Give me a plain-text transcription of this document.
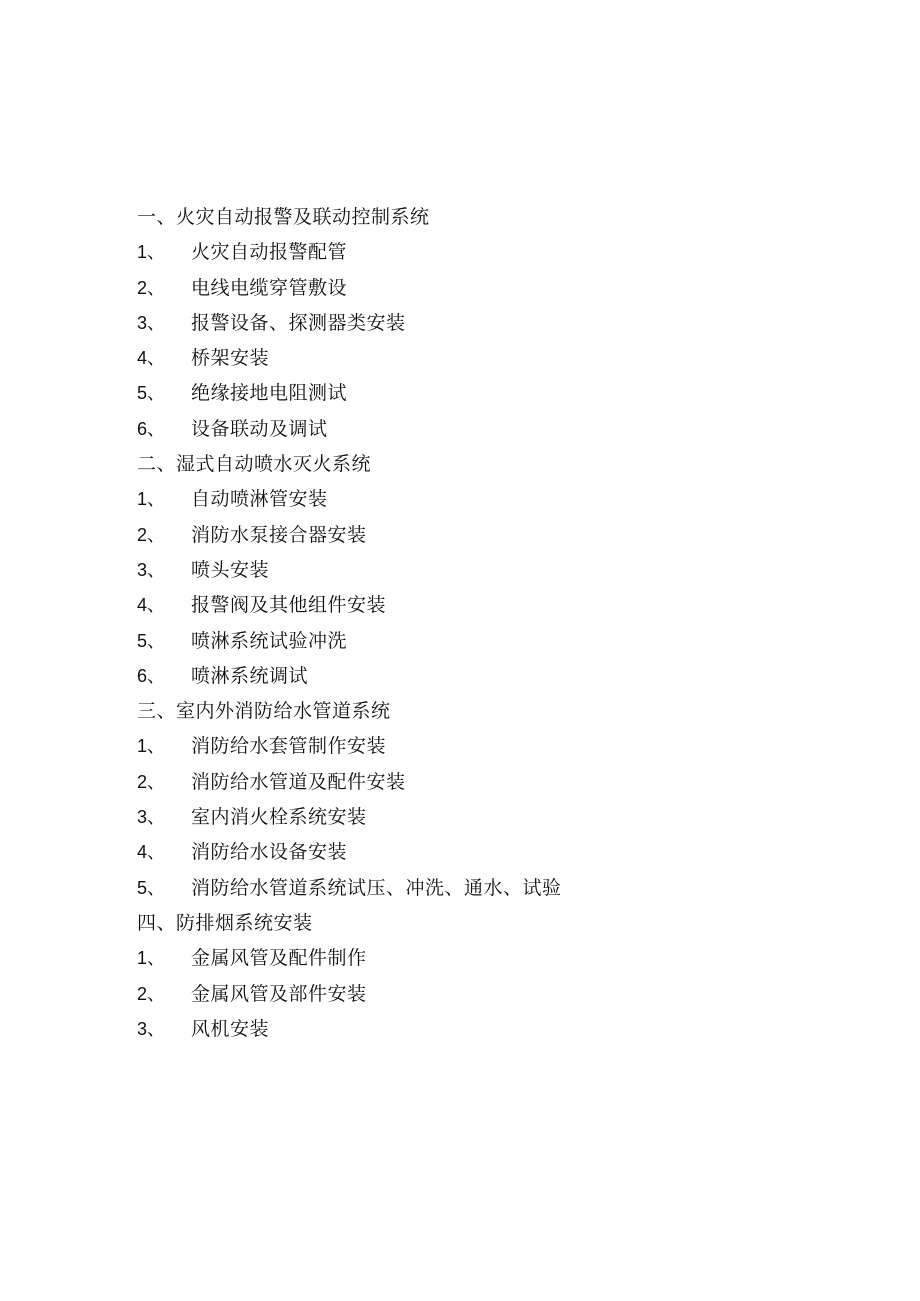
一、火灾自动报警及联动控制系统
1、	火灾自动报警配管
2、	电线电缆穿管敷设
3、	报警设备、探测器类安装
4、	桥架安装
5、	绝缘接地电阻测试
6、	设备联动及调试
二、湿式自动喷水灭火系统
1、	自动喷淋管安装
2、	消防水泵接合器安装
3、	喷头安装
4、	报警阀及其他组件安装
5、	喷淋系统试验冲洗
6、	喷淋系统调试
三、室内外消防给水管道系统
1、	消防给水套管制作安装
2、	消防给水管道及配件安装
3、	室内消火栓系统安装
4、	消防给水设备安装
5、	消防给水管道系统试压、冲洗、通水、试验
四、防排烟系统安装
1、	金属风管及配件制作
2、	金属风管及部件安装
3、	风机安装
